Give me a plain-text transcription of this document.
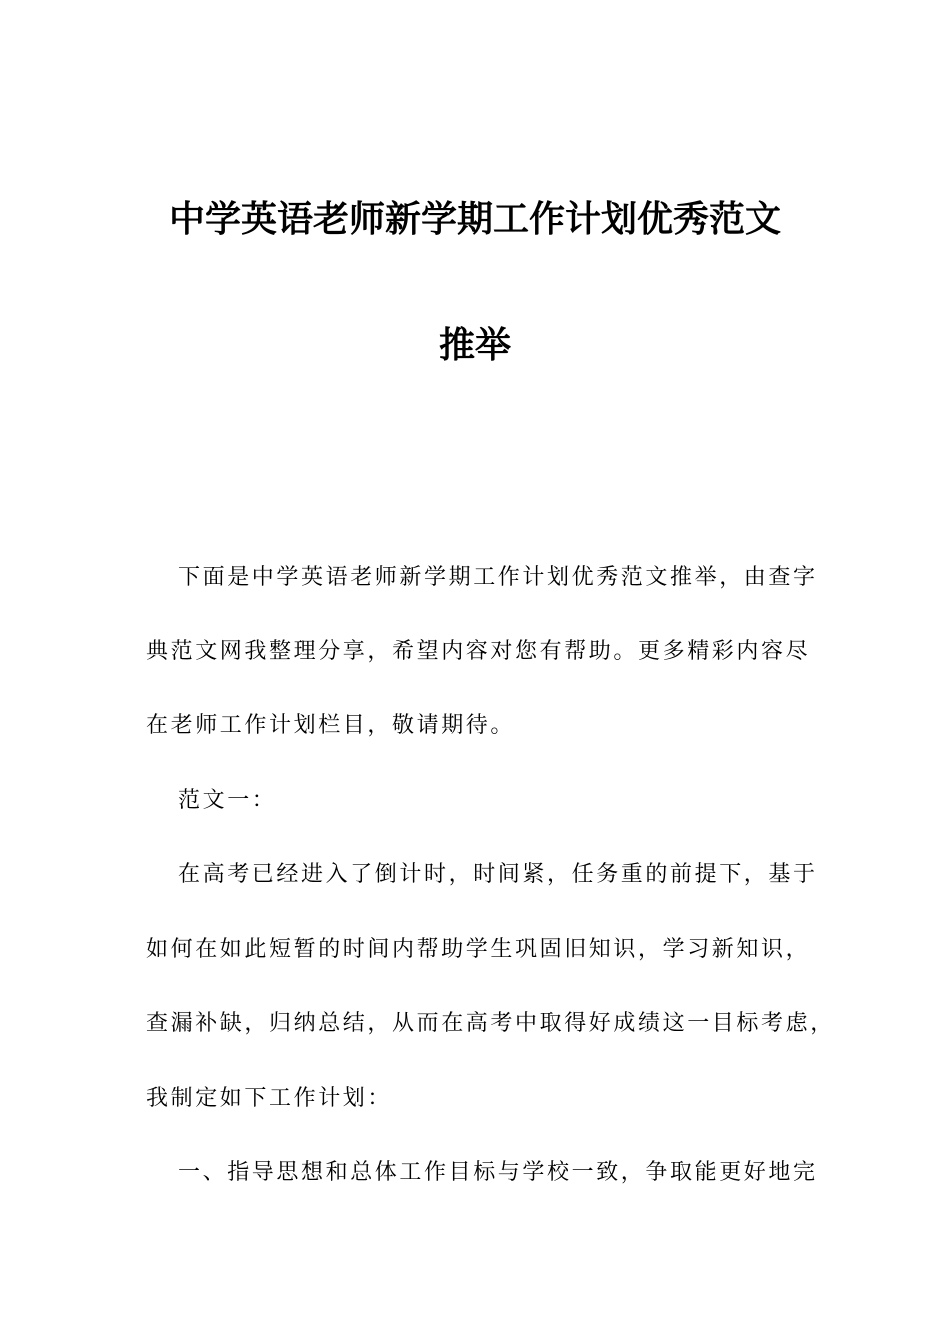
中学英语老师新学期工作计划优秀范文
推举

下面是中学英语老师新学期工作计划优秀范文推举，由查字

典范文网我整理分享，希望内容对您有帮助。更多精彩内容尽

在老师工作计划栏目，敬请期待。

范文一：

在高考已经进入了倒计时，时间紧，任务重的前提下，基于

如何在如此短暂的时间内帮助学生巩固旧知识，学习新知识，

查漏补缺，归纳总结，从而在高考中取得好成绩这一目标考虑，

我制定如下工作计划：

一、指导思想和总体工作目标与学校一致，争取能更好地完
